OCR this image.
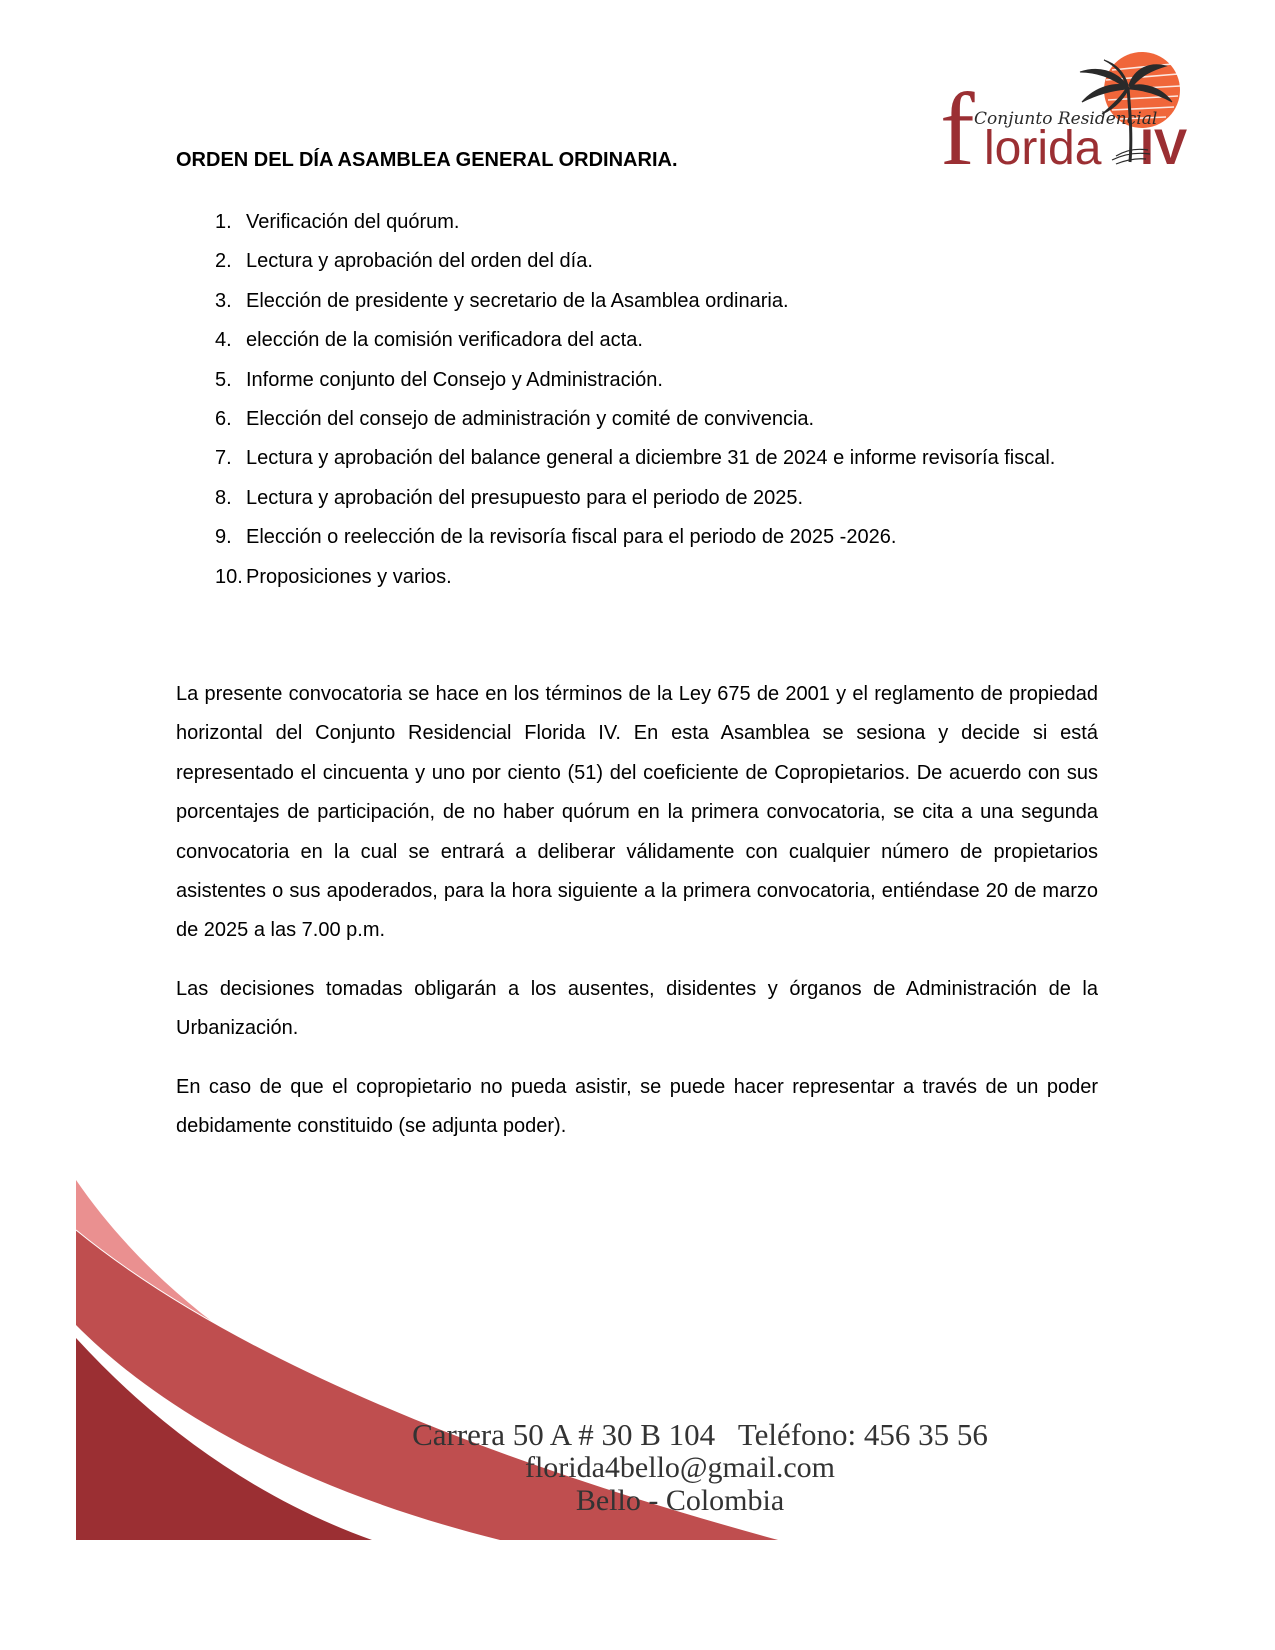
f Conjunto Residencial
lorida IV
ORDEN DEL DÍA ASAMBLEA GENERAL ORDINARIA.
1. Verificación del quórum.
2. Lectura y aprobación del orden del día.
3. Elección de presidente y secretario de la Asamblea ordinaria.
4. elección de la comisión verificadora del acta.
5. Informe conjunto del Consejo y Administración.
6. Elección del consejo de administración y comité de convivencia.
7. Lectura y aprobación del balance general a diciembre 31 de 2024 e informe revisoría fiscal.
8. Lectura y aprobación del presupuesto para el periodo de 2025.
9. Elección o reelección de la revisoría fiscal para el periodo de 2025 -2026.
10. Proposiciones y varios.

La presente convocatoria se hace en los términos de la Ley 675 de 2001 y el reglamento de propiedad horizontal del Conjunto Residencial Florida IV. En esta Asamblea se sesiona y decide si está representado el cincuenta y uno por ciento (51) del coeficiente de Copropietarios. De acuerdo con sus porcentajes de participación, de no haber quórum en la primera convocatoria, se cita a una segunda convocatoria en la cual se entrará a deliberar válidamente con cualquier número de propietarios asistentes o sus apoderados, para la hora siguiente a la primera convocatoria, entiéndase 20 de marzo de 2025 a las 7.00 p.m.

Las decisiones tomadas obligarán a los ausentes, disidentes y órganos de Administración de la Urbanización.

En caso de que el copropietario no pueda asistir, se puede hacer representar a través de un poder debidamente constituido (se adjunta poder).

Carrera 50 A # 30 B 104   Teléfono: 456 35 56
florida4bello@gmail.com
Bello - Colombia
